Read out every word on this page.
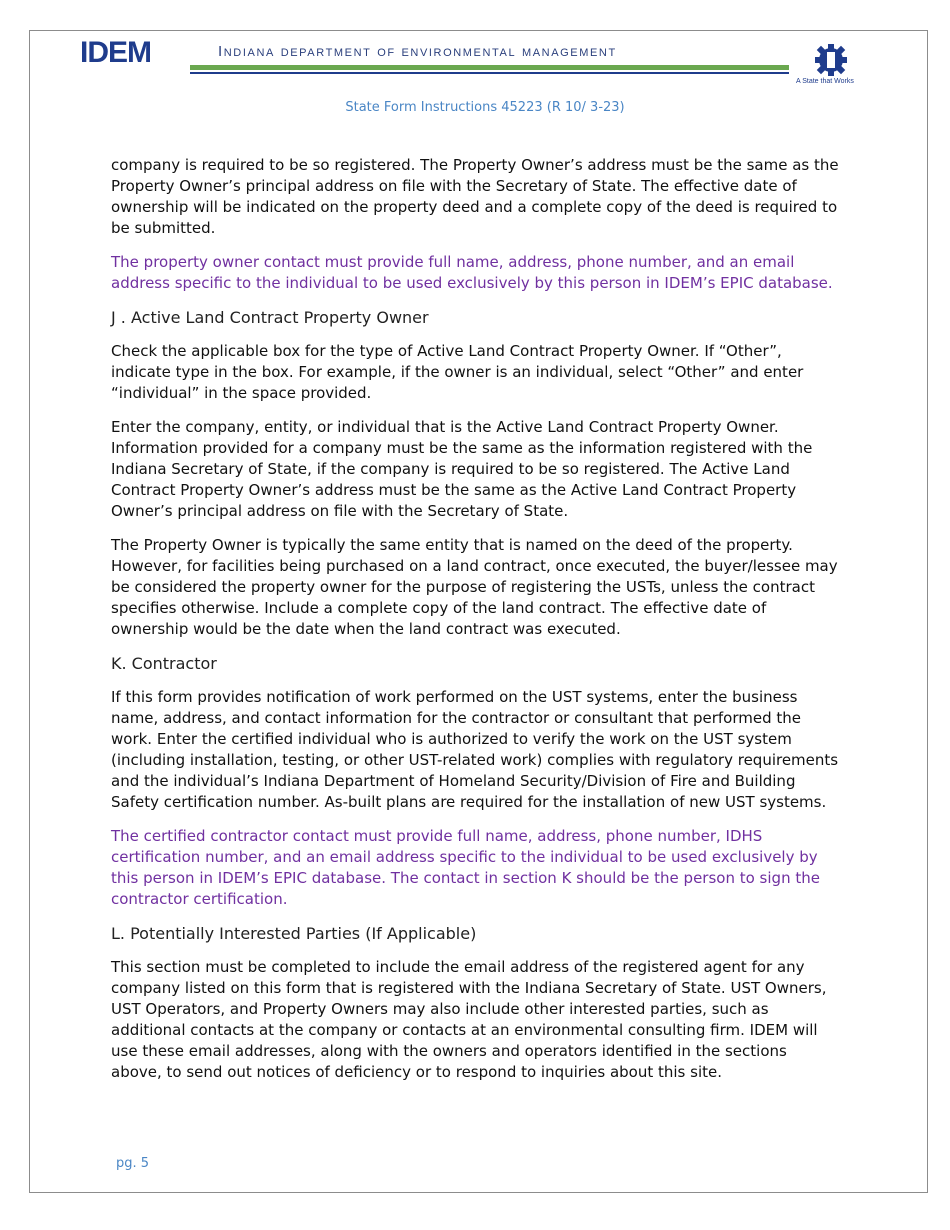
IDEM	Indiana department of environmental management
A State that Works
State Form Instructions 45223 (R 10/ 3-23)

company is required to be so registered. The Property Owner’s address must be the same as the Property Owner’s principal address on file with the Secretary of State. The effective date of ownership will be indicated on the property deed and a complete copy of the deed is required to be submitted.

The property owner contact must provide full name, address, phone number, and an email address specific to the individual to be used exclusively by this person in IDEM’s EPIC database.

J . Active Land Contract Property Owner

Check the applicable box for the type of Active Land Contract Property Owner. If “Other”, indicate type in the box. For example, if the owner is an individual, select “Other” and enter “individual” in the space provided.

Enter the company, entity, or individual that is the Active Land Contract Property Owner. Information provided for a company must be the same as the information registered with the Indiana Secretary of State, if the company is required to be so registered. The Active Land Contract Property Owner’s address must be the same as the Active Land Contract Property Owner’s principal address on file with the Secretary of State.

The Property Owner is typically the same entity that is named on the deed of the property. However, for facilities being purchased on a land contract, once executed, the buyer/lessee may be considered the property owner for the purpose of registering the USTs, unless the contract specifies otherwise. Include a complete copy of the land contract. The effective date of ownership would be the date when the land contract was executed.

K. Contractor

If this form provides notification of work performed on the UST systems, enter the business name, address, and contact information for the contractor or consultant that performed the work. Enter the certified individual who is authorized to verify the work on the UST system (including installation, testing, or other UST-related work) complies with regulatory requirements and the individual’s Indiana Department of Homeland Security/Division of Fire and Building Safety certification number. As-built plans are required for the installation of new UST systems.

The certified contractor contact must provide full name, address, phone number, IDHS certification number, and an email address specific to the individual to be used exclusively by this person in IDEM’s EPIC database. The contact in section K should be the person to sign the contractor certification.

L. Potentially Interested Parties (If Applicable)

This section must be completed to include the email address of the registered agent for any company listed on this form that is registered with the Indiana Secretary of State. UST Owners, UST Operators, and Property Owners may also include other interested parties, such as additional contacts at the company or contacts at an environmental consulting firm. IDEM will use these email addresses, along with the owners and operators identified in the sections above, to send out notices of deficiency or to respond to inquiries about this site.

pg. 5
